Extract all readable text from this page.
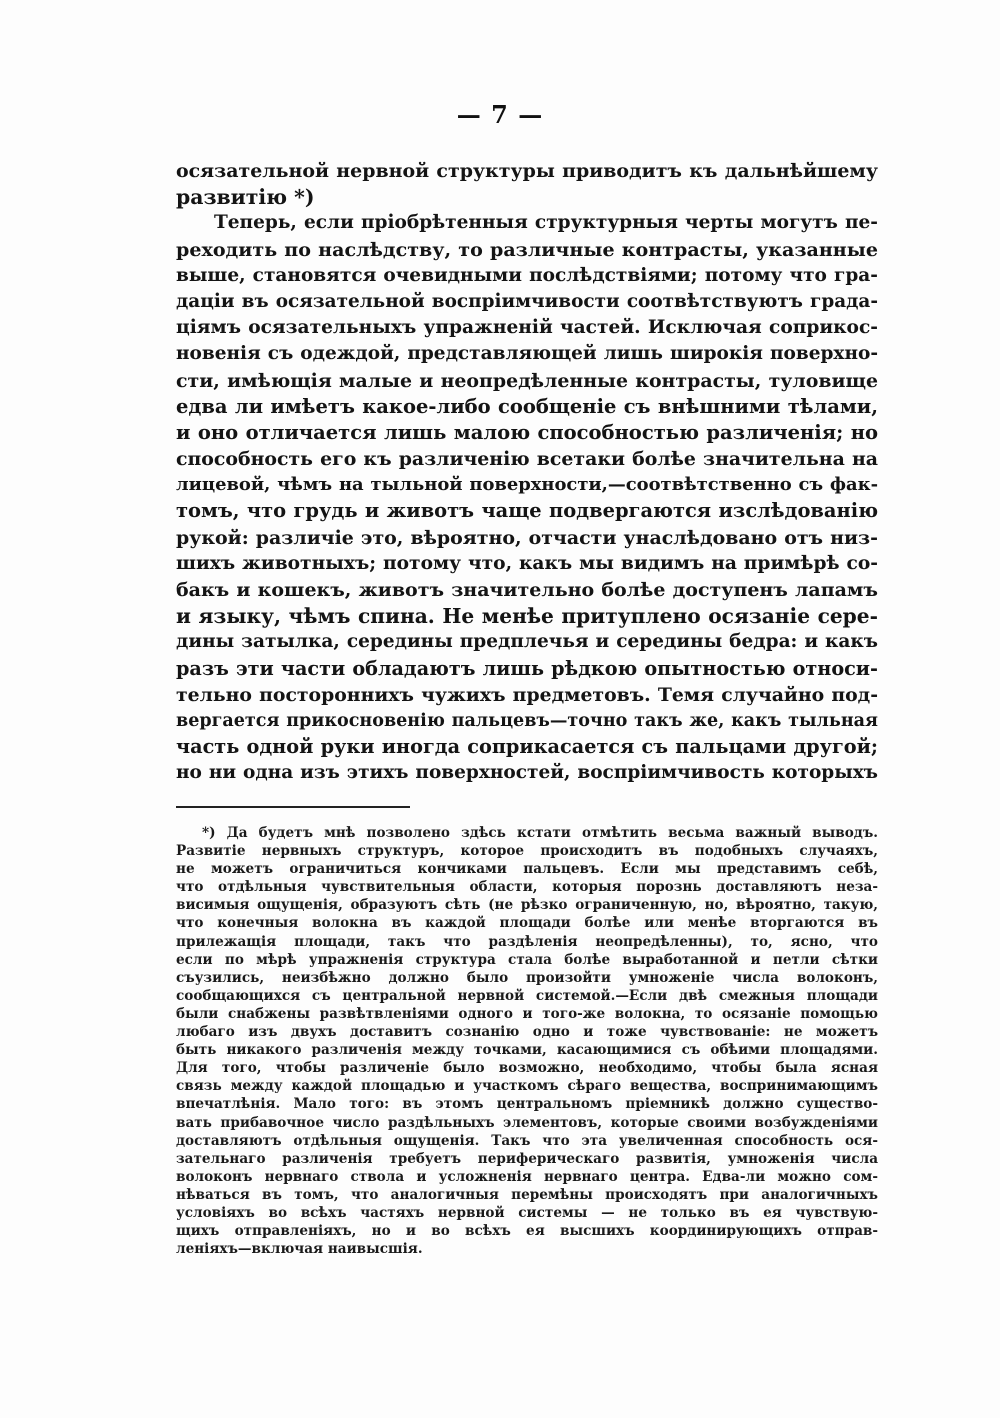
— 7 —
осязательной нервной структуры приводитъ къ дальнѣйшему
развитію *)
Теперь, если пріобрѣтенныя структурныя черты могутъ пе-
реходить по наслѣдству, то различные контрасты, указанные
выше, становятся очевидными послѣдствіями; потому что гра-
даціи въ осязательной воспріимчивости соотвѣтствуютъ града-
ціямъ осязательныхъ упражненій частей. Исключая соприкос-
новенія съ одеждой, представляющей лишь широкія поверхно-
сти, имѣющія малые и неопредѣленные контрасты, туловище
едва ли имѣетъ какое-либо сообщеніе съ внѣшними тѣлами,
и оно отличается лишь малою способностью различенія; но
способность его къ различенію всетаки болѣе значительна на
лицевой, чѣмъ на тыльной поверхности,—соотвѣтственно съ фак-
томъ, что грудь и животъ чаще подвергаются изслѣдованію
рукой: различіе это, вѣроятно, отчасти унаслѣдовано отъ низ-
шихъ животныхъ; потому что, какъ мы видимъ на примѣрѣ со-
бакъ и кошекъ, животъ значительно болѣе доступенъ лапамъ
и языку, чѣмъ спина. Не менѣе притуплено осязаніе сере-
дины затылка, середины предплечья и середины бедра: и какъ
разъ эти части обладаютъ лишь рѣдкою опытностью относи-
тельно постороннихъ чужихъ предметовъ. Темя случайно под-
вергается прикосновенію пальцевъ—точно такъ же, какъ тыльная
часть одной руки иногда соприкасается съ пальцами другой;
но ни одна изъ этихъ поверхностей, воспріимчивость которыхъ
*) Да будетъ мнѣ позволено здѣсь кстати отмѣтить весьма важный выводъ.
Развитіе нервныхъ структуръ, которое происходитъ въ подобныхъ случаяхъ,
не можетъ ограничиться кончиками пальцевъ. Если мы представимъ себѣ,
что отдѣльныя чувствительныя области, которыя порознь доставляютъ неза-
висимыя ощущенія, образуютъ сѣть (не рѣзко ограниченную, но, вѣроятно, такую,
что конечныя волокна въ каждой площади болѣе или менѣе вторгаются въ
прилежащія площади, такъ что раздѣленія неопредѣленны), то, ясно, что
если по мѣрѣ упражненія структура стала болѣе выработанной и петли сѣтки
съузились, неизбѣжно должно было произойти умноженіе числа волоконъ,
сообщающихся съ центральной нервной системой.—Если двѣ смежныя площади
были снабжены развѣтвленіями одного и того-же волокна, то осязаніе помощью
любаго изъ двухъ доставитъ сознанію одно и тоже чувствованіе: не можетъ
быть никакого различенія между точками, касающимися съ обѣими площадями.
Для того, чтобы различеніе было возможно, необходимо, чтобы была ясная
связь между каждой площадью и участкомъ сѣраго вещества, воспринимающимъ
впечатлѣнія. Мало того: въ этомъ центральномъ пріемникѣ должно существо-
вать прибавочное число раздѣльныхъ элементовъ, которые своими возбужденіями
доставляютъ отдѣльныя ощущенія. Такъ что эта увеличенная способность ося-
зательнаго различенія требуетъ периферическаго развитія, умноженія числа
волоконъ нервнаго ствола и усложненія нервнаго центра. Едва-ли можно сом-
нѣваться въ томъ, что аналогичныя перемѣны происходятъ при аналогичныхъ
условіяхъ во всѣхъ частяхъ нервной системы — не только въ ея чувствую-
щихъ отправленіяхъ, но и во всѣхъ ея высшихъ координирующихъ отправ-
леніяхъ—включая наивысшія.
